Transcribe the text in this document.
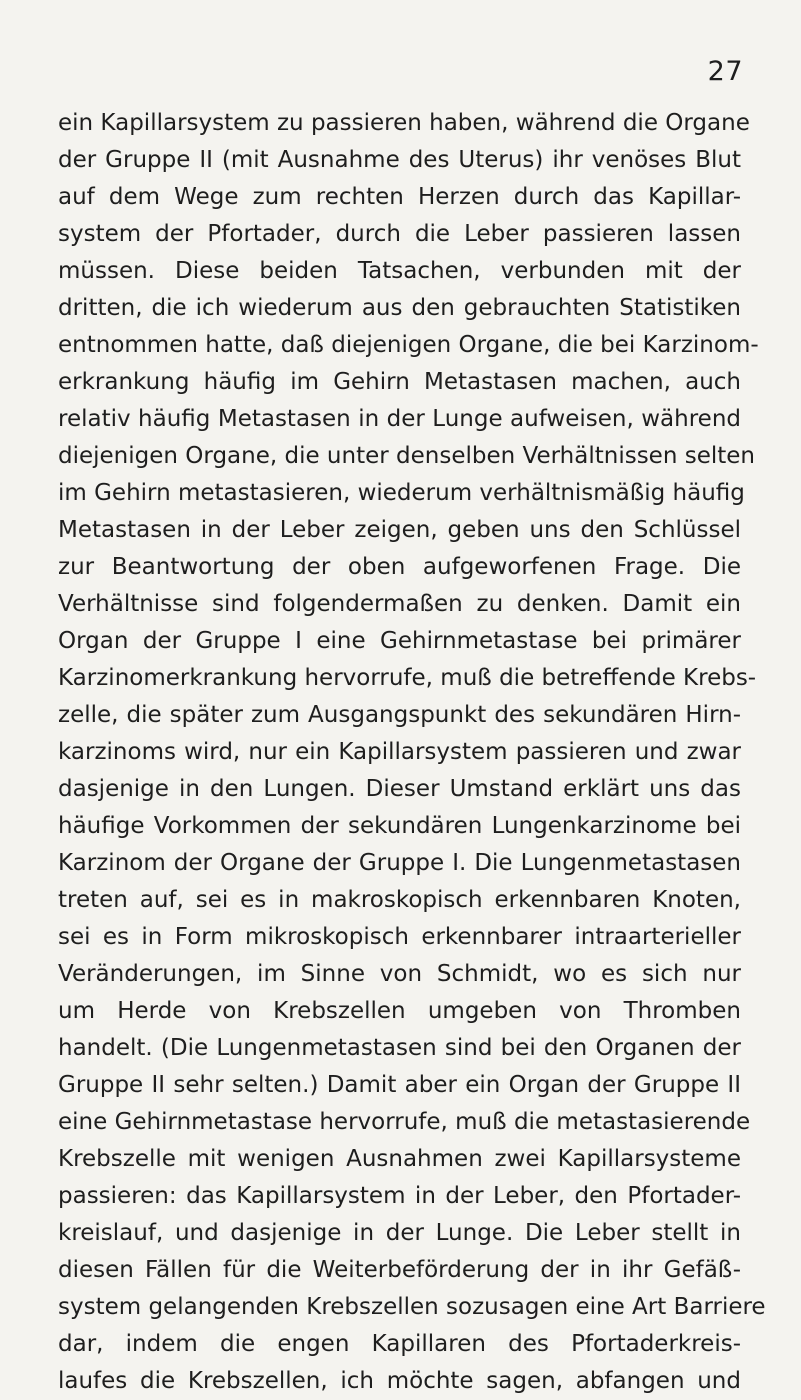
27
ein Kapillarsystem zu passieren haben, während die Organe
der Gruppe II (mit Ausnahme des Uterus) ihr venöses Blut
auf dem Wege zum rechten Herzen durch das Kapillar-
system der Pfortader, durch die Leber passieren lassen
müssen. Diese beiden Tatsachen, verbunden mit der
dritten, die ich wiederum aus den gebrauchten Statistiken
entnommen hatte, daß diejenigen Organe, die bei Karzinom-
erkrankung häufig im Gehirn Metastasen machen, auch
relativ häufig Metastasen in der Lunge aufweisen, während
diejenigen Organe, die unter denselben Verhältnissen selten
im Gehirn metastasieren, wiederum verhältnismäßig häufig
Metastasen in der Leber zeigen, geben uns den Schlüssel
zur Beantwortung der oben aufgeworfenen Frage. Die
Verhältnisse sind folgendermaßen zu denken. Damit ein
Organ der Gruppe I eine Gehirnmetastase bei primärer
Karzinomerkrankung hervorrufe, muß die betreffende Krebs-
zelle, die später zum Ausgangspunkt des sekundären Hirn-
karzinoms wird, nur ein Kapillarsystem passieren und zwar
dasjenige in den Lungen. Dieser Umstand erklärt uns das
häufige Vorkommen der sekundären Lungenkarzinome bei
Karzinom der Organe der Gruppe I. Die Lungenmetastasen
treten auf, sei es in makroskopisch erkennbaren Knoten,
sei es in Form mikroskopisch erkennbarer intraarterieller
Veränderungen, im Sinne von Schmidt, wo es sich nur
um Herde von Krebszellen umgeben von Thromben
handelt. (Die Lungenmetastasen sind bei den Organen der
Gruppe II sehr selten.) Damit aber ein Organ der Gruppe II
eine Gehirnmetastase hervorrufe, muß die metastasierende
Krebszelle mit wenigen Ausnahmen zwei Kapillarsysteme
passieren: das Kapillarsystem in der Leber, den Pfortader-
kreislauf, und dasjenige in der Lunge. Die Leber stellt in
diesen Fällen für die Weiterbeförderung der in ihr Gefäß-
system gelangenden Krebszellen sozusagen eine Art Barriere
dar, indem die engen Kapillaren des Pfortaderkreis-
laufes die Krebszellen, ich möchte sagen, abfangen und
